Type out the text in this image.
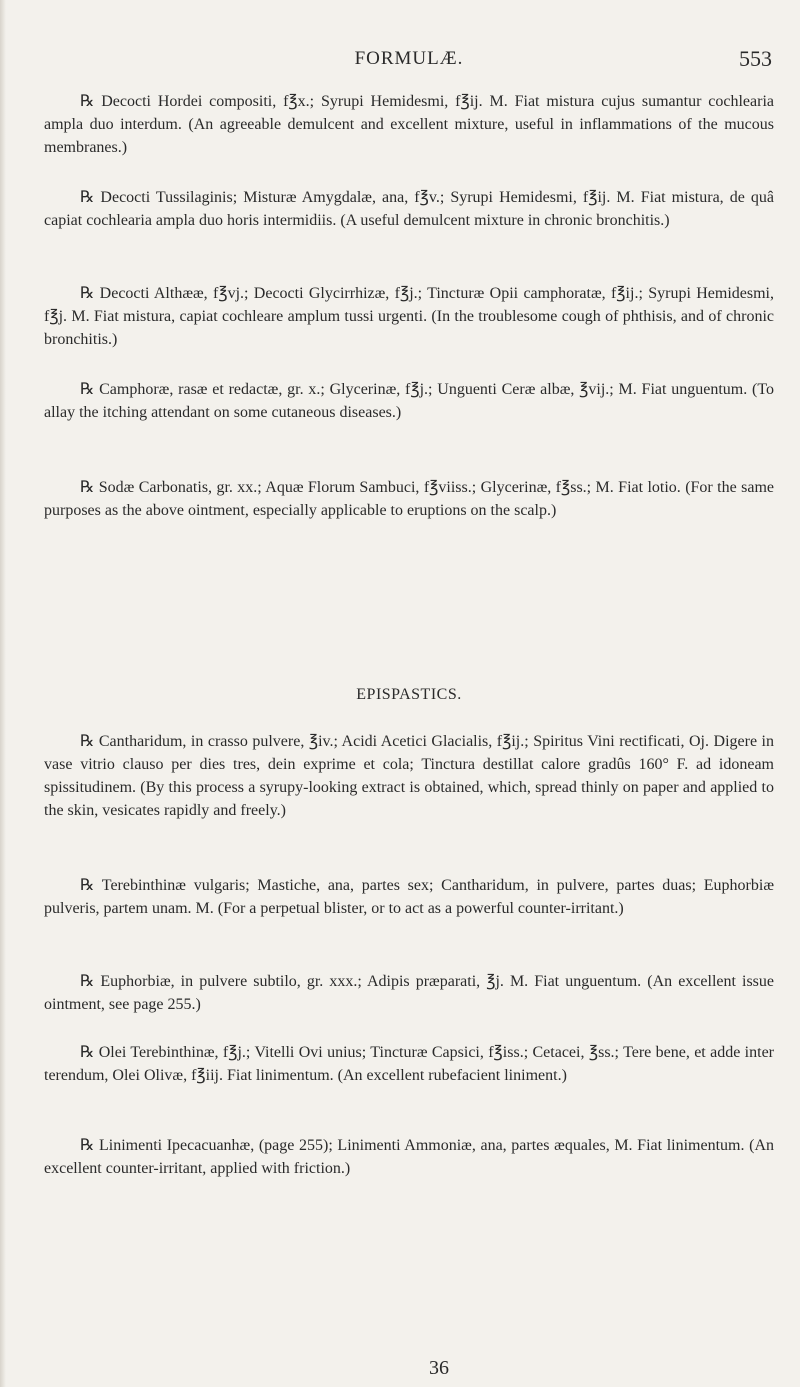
FORMULÆ.	553

℞ Decocti Hordei compositi, f℥x.; Syrupi Hemidesmi, f℥ij. M. Fiat mistura cujus sumantur cochlearia ampla duo interdum. (An agreeable demulcent and excellent mixture, useful in inflammations of the mucous membranes.)

℞ Decocti Tussilaginis; Misturæ Amygdalæ, ana, f℥v.; Syrupi Hemidesmi, f℥ij. M. Fiat mistura, de quâ capiat cochlearia ampla duo horis intermidiis. (A useful demulcent mixture in chronic bronchitis.)

℞ Decocti Althææ, f℥vj.; Decocti Glycirrhizæ, f℥j.; Tincturæ Opii camphoratæ, f℥ij.; Syrupi Hemidesmi, f℥j. M. Fiat mistura, capiat cochleare amplum tussi urgenti. (In the troublesome cough of phthisis, and of chronic bronchitis.)

℞ Camphoræ, rasæ et redactæ, gr. x.; Glycerinæ, f℥j.; Unguenti Ceræ albæ, ℥vij.; M. Fiat unguentum. (To allay the itching attendant on some cutaneous diseases.)

℞ Sodæ Carbonatis, gr. xx.; Aquæ Florum Sambuci, f℥viiss.; Glycerinæ, f℥ss.; M. Fiat lotio. (For the same purposes as the above ointment, especially applicable to eruptions on the scalp.)

EPISPASTICS.

℞ Cantharidum, in crasso pulvere, ℥iv.; Acidi Acetici Glacialis, f℥ij.; Spiritus Vini rectificati, Oj. Digere in vase vitrio clauso per dies tres, dein exprime et cola; Tinctura destillat calore gradûs 160° F. ad idoneam spissitudinem. (By this process a syrupy-looking extract is obtained, which, spread thinly on paper and applied to the skin, vesicates rapidly and freely.)

℞ Terebinthinæ vulgaris; Mastiche, ana, partes sex; Cantharidum, in pulvere, partes duas; Euphorbiæ pulveris, partem unam. M. (For a perpetual blister, or to act as a powerful counter-irritant.)

℞ Euphorbiæ, in pulvere subtilo, gr. xxx.; Adipis præparati, ℥j. M. Fiat unguentum. (An excellent issue ointment, see page 255.)

℞ Olei Terebinthinæ, f℥j.; Vitelli Ovi unius; Tincturæ Capsici, f℥iss.; Cetacei, ℥ss.; Tere bene, et adde inter terendum, Olei Olivæ, f℥iij. Fiat linimentum. (An excellent rubefacient liniment.)

℞ Linimenti Ipecacuanhæ, (page 255); Linimenti Ammoniæ, ana, partes æquales, M. Fiat linimentum. (An excellent counter-irritant, applied with friction.)

36
